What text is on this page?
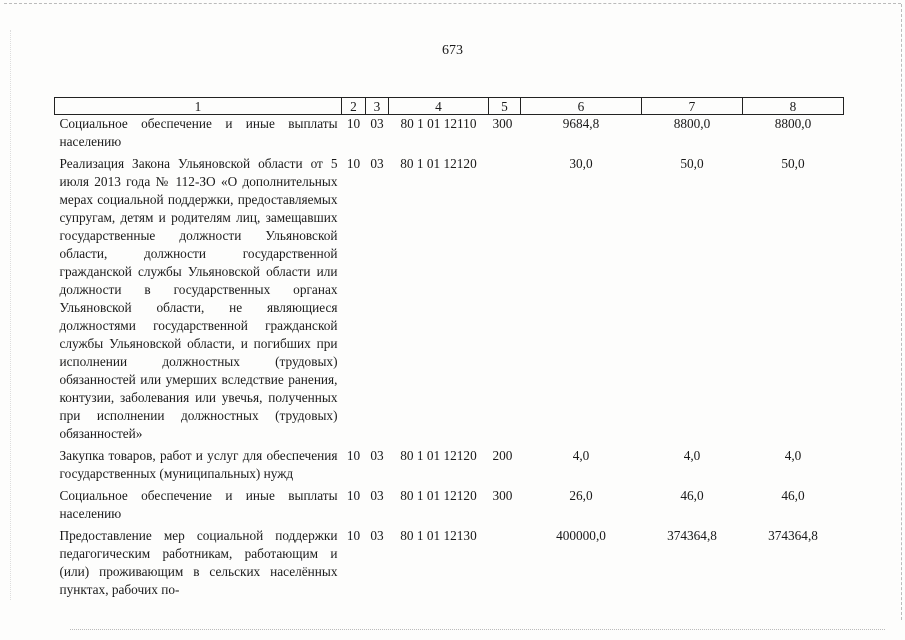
673
1	2	3	4	5	6	7	8
Социальное обеспечение и иные выплаты населению	10	03	80 1 01 12110	300	9684,8	8800,0	8800,0
Реализация Закона Ульяновской области от 5 июля 2013 года № 112-ЗО «О дополнительных мерах социальной поддержки, предоставляемых супругам, детям и родителям лиц, замещавших государственные должности Ульяновской области, должности государственной гражданской службы Ульяновской области или должности в государственных органах Ульяновской области, не являющиеся должностями государственной гражданской службы Ульяновской области, и погибших при исполнении должностных (трудовых) обязанностей или умерших вследствие ранения, контузии, заболевания или увечья, полученных при исполнении должностных (трудовых) обязанностей»	10	03	80 1 01 12120		30,0	50,0	50,0
Закупка товаров, работ и услуг для обеспечения государственных (муниципальных) нужд	10	03	80 1 01 12120	200	4,0	4,0	4,0
Социальное обеспечение и иные выплаты населению	10	03	80 1 01 12120	300	26,0	46,0	46,0
Предоставление мер социальной поддержки педагогическим работникам, работающим и (или) проживающим в сельских населённых пунктах, рабочих по-	10	03	80 1 01 12130		400000,0	374364,8	374364,8
